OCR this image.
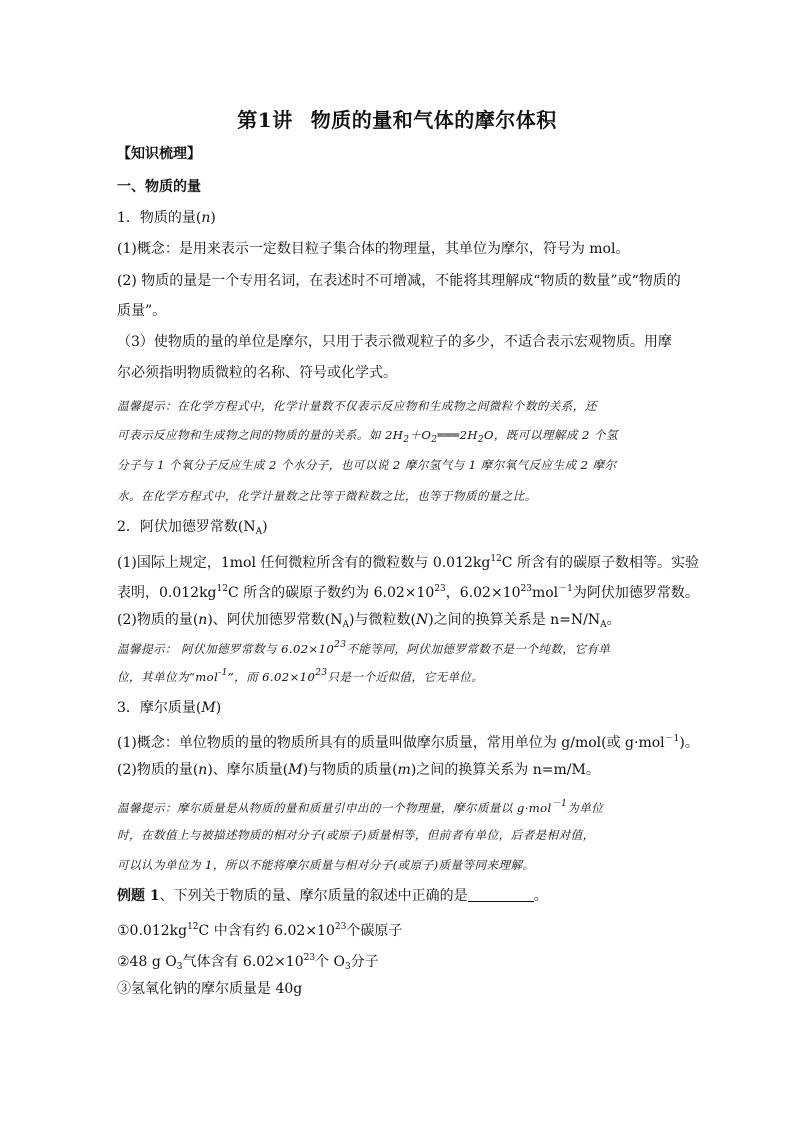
第1讲 物质的量和气体的摩尔体积
【知识梳理】
一、物质的量
1．物质的量(n)
(1)概念：是用来表示一定数目粒子集合体的物理量，其单位为摩尔，符号为 mol。
(2) 物质的量是一个专用名词，在表述时不可增减，不能将其理解成“物质的数量”或“物质的
质量”。
（3）使物质的量的单位是摩尔，只用于表示微观粒子的多少，不适合表示宏观物质。用摩
尔必须指明物质微粒的名称、符号或化学式。
温馨提示：在化学方程式中，化学计量数不仅表示反应物和生成物之间微粒个数的关系，还
可表示反应物和生成物之间的物质的量的关系。如 $2H_2+O_2═══2H_2O$，既可以理解成 2 个氢
分子与 1 个氧分子反应生成 2 个水分子，也可以说 2 摩尔氢气与 1 摩尔氧气反应生成 2 摩尔
水。在化学方程式中，化学计量数之比等于微粒数之比，也等于物质的量之比。
2．阿伏加德罗常数$(N_A)$
(1)国际上规定，1mol 任何微粒所含有的微粒数与 $0.012kg^{12}C$ 所含有的碳原子数相等。实验
表明，$0.012kg^{12}C$ 所含的碳原子数约为 $6.02\times 10^{23}$，$6.02\times 10^{23}mol^{-1}$为阿伏加德罗常数。
(2)物质的量(n)、阿伏加德罗常数$(N_A)$与微粒数(N)之间的换算关系是 $n=N/N_A$。
温馨提示： 阿伏加德罗常数与 $6.02\times 10^{23}$不能等同，阿伏加德罗常数不是一个纯数，它有单
位，其单位为“mol$^{-1}$”，而 $6.02\times 10^{23}$只是一个近似值，它无单位。
3．摩尔质量(M)
(1)概念：单位物质的量的物质所具有的质量叫做摩尔质量，常用单位为 g/mol(或 g·mol$^{-1}$)。
(2)物质的量(n)、摩尔质量(M)与物质的质量(m)之间的换算关系为 n=m/M。
温馨提示：摩尔质量是从物质的量和质量引申出的一个物理量，摩尔质量以 g·mol$^{-1}$为单位
时，在数值上与被描述物质的相对分子(或原子)质量相等，但前者有单位，后者是相对值，
可以认为单位为 1，所以不能将摩尔质量与相对分子(或原子)质量等同来理解。
例题 1、下列关于物质的量、摩尔质量的叙述中正确的是	。
$①0.012kg^{12}C$ 中含有约 $6.02\times 10^{23}$个碳原子
②48 g $O_3$气体含有 $6.02\times 10^{23}$个 $O_3$分子
③氢氧化钠的摩尔质量是 40g
